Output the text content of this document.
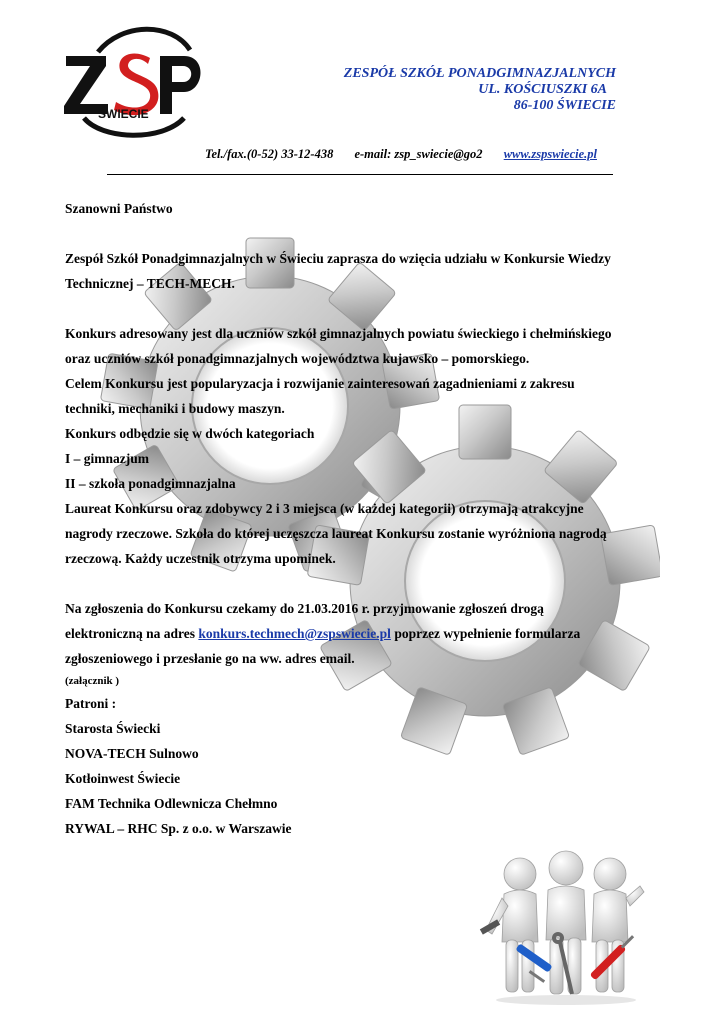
ŚWIECIE
ZESPÓŁ SZKÓŁ PONADGIMNAZJALNYCH
UL. KOŚCIUSZKI 6A
86-100 ŚWIECIE
Tel./fax.(0-52) 33-12-438 e-mail: zsp_swiecie@go2 www.zspswiecie.pl

Szanowni Państwo

Zespół Szkół Ponadgimnazjalnych w Świeciu zaprasza do wzięcia udziału w Konkursie Wiedzy

Technicznej – TECH-MECH.

Konkurs adresowany jest dla uczniów szkół gimnazjalnych powiatu świeckiego i chełmińskiego

oraz uczniów szkół ponadgimnazjalnych województwa kujawsko – pomorskiego.

Celem Konkursu jest popularyzacja i rozwijanie zainteresowań zagadnieniami z zakresu

techniki, mechaniki i budowy maszyn.

Konkurs odbędzie się w dwóch kategoriach

I – gimnazjum

II – szkoła ponadgimnazjalna

Laureat Konkursu oraz zdobywcy 2 i 3 miejsca (w każdej kategorii) otrzymają atrakcyjne

nagrody rzeczowe. Szkoła do której uczęszcza laureat Konkursu zostanie wyróżniona nagrodą

rzeczową. Każdy uczestnik otrzyma upominek.

Na zgłoszenia do Konkursu czekamy do 21.03.2016 r. przyjmowanie zgłoszeń drogą

elektroniczną na adres konkurs.techmech@zspswiecie.pl poprzez wypełnienie formularza

zgłoszeniowego i przesłanie go na ww. adres email.

(załącznik )

Patroni :

Starosta Świecki

NOVA-TECH Sulnowo

Kotłoinwest Świecie

FAM Technika Odlewnicza Chełmno

RYWAL – RHC Sp. z o.o. w Warszawie
